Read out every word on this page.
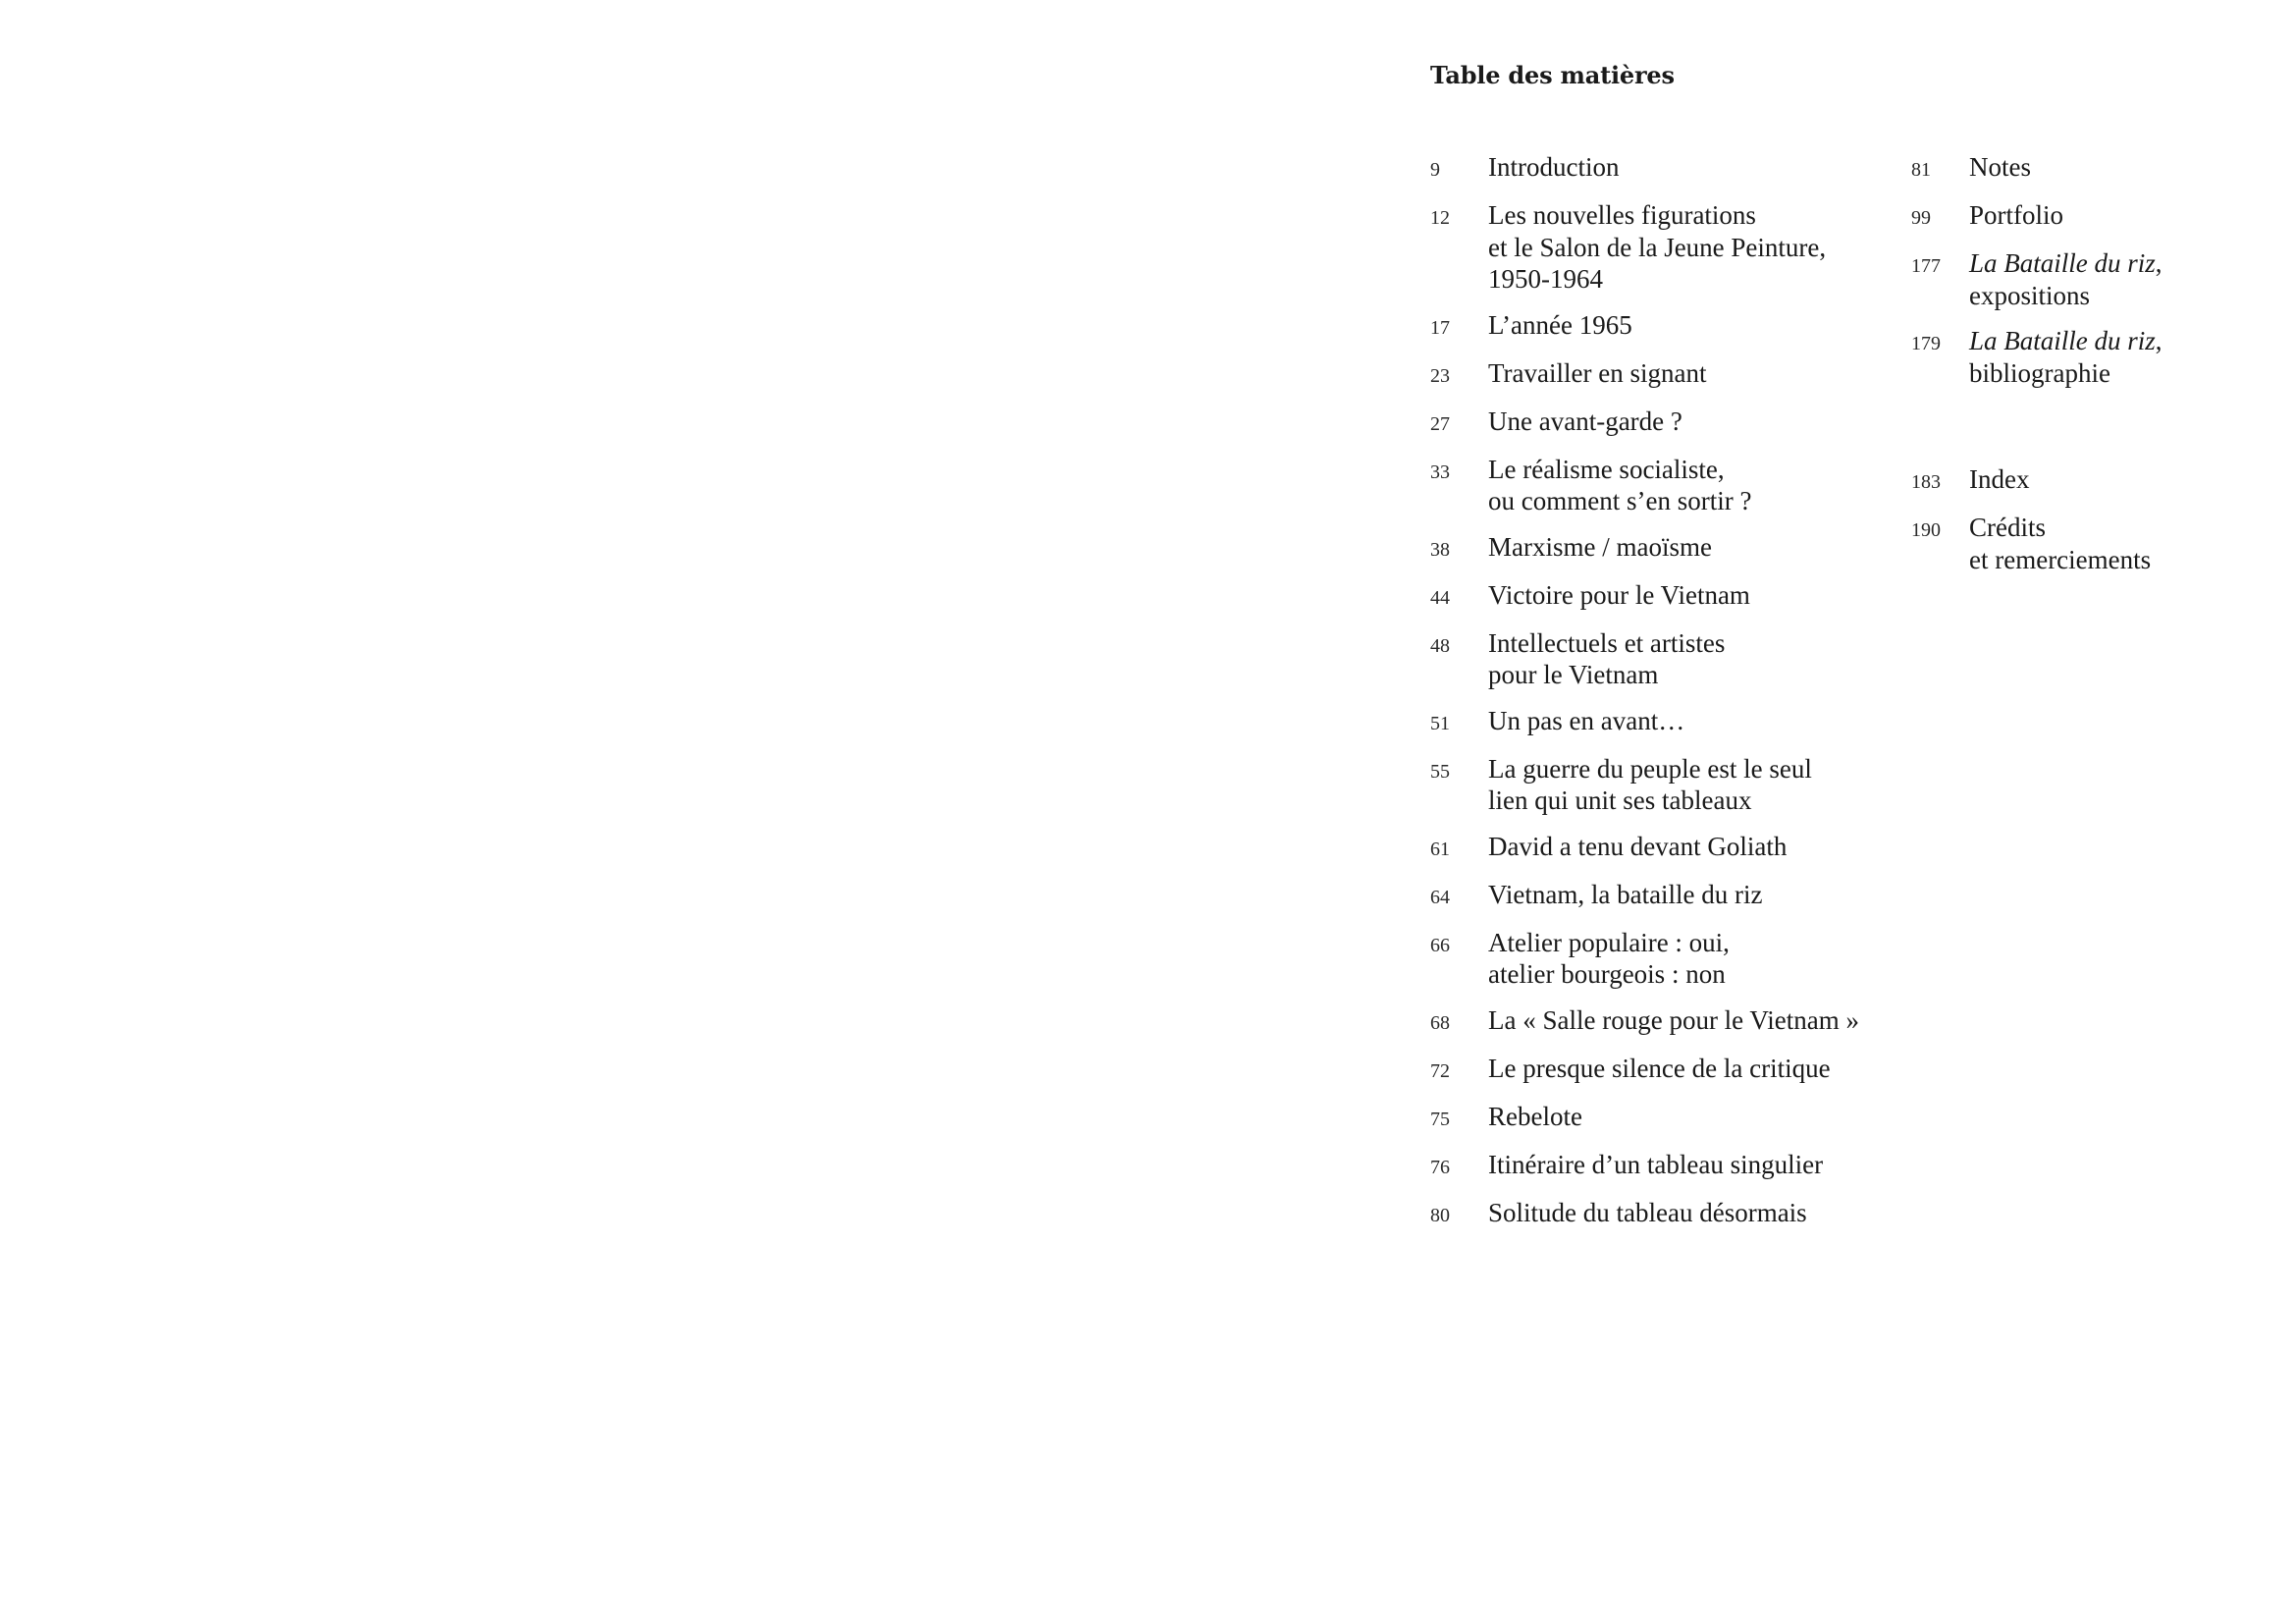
Table des matières
9	Introduction
12	Les nouvelles figurations
et le Salon de la Jeune Peinture,
1950-1964
17	L’année 1965
23	Travailler en signant
27	Une avant-garde ?
33	Le réalisme socialiste,
ou comment s’en sortir ?
38	Marxisme / maoïsme
44	Victoire pour le Vietnam
48	Intellectuels et artistes
pour le Vietnam
51	Un pas en avant…
55	La guerre du peuple est le seul
lien qui unit ses tableaux
61	David a tenu devant Goliath
64	Vietnam, la bataille du riz
66	Atelier populaire : oui,
atelier bourgeois : non
68	La « Salle rouge pour le Vietnam »
72	Le presque silence de la critique
75	Rebelote
76	Itinéraire d’un tableau singulier
80	Solitude du tableau désormais
81	Notes
99	Portfolio
177	La Bataille du riz,
expositions
179	La Bataille du riz,
bibliographie
183	Index
190	Crédits
et remerciements
